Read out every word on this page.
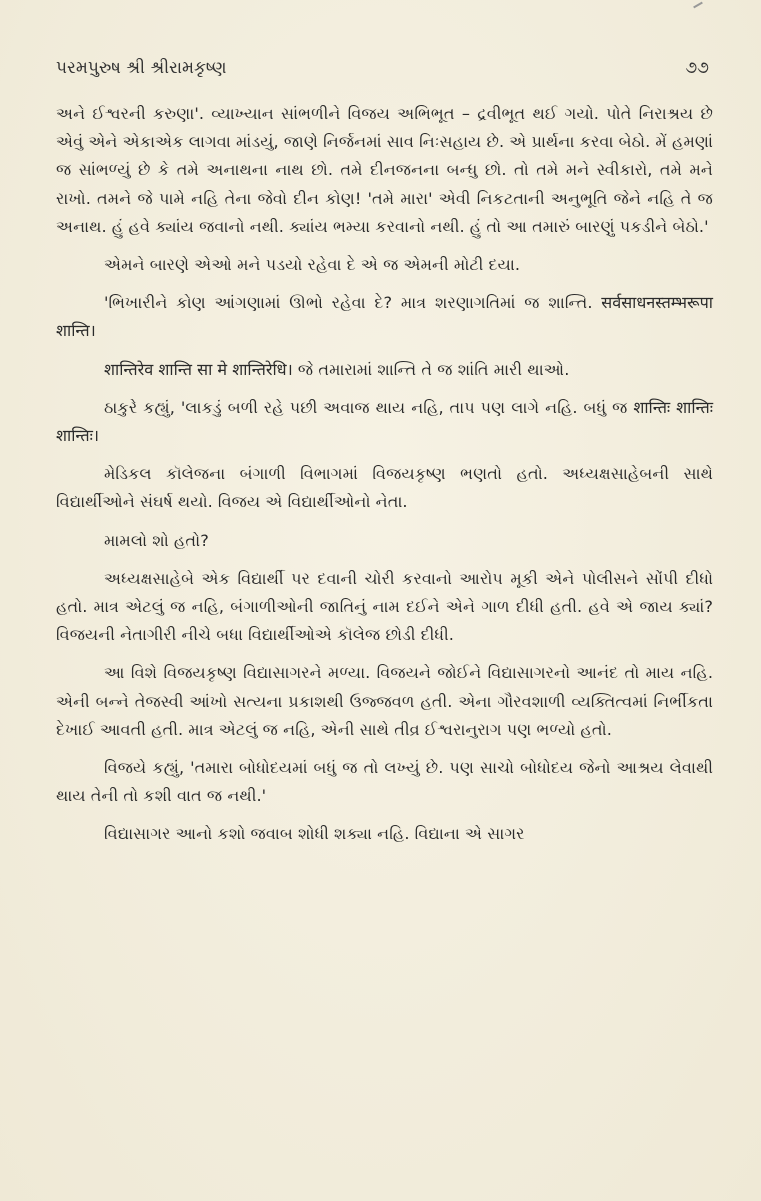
પરમપુરુષ શ્રી શ્રીરામકૃષ્ણ	૭૭

અને ઈશ્વરની કરુણા'. વ્યાખ્યાન સાંભળીને વિજય અભિભૂત – દ્રવીભૂત થઈ ગયો. પોતે નિરાશ્રય છે એવું એને એકાએક લાગવા માંડયું, જાણે નિર્જનમાં સાવ નિઃસહાય છે. એ પ્રાર્થના કરવા બેઠો. મેં હમણાં જ સાંભળ્યું છે કે તમે અનાથના નાથ છો. તમે દીનજનના બન્ધુ છો. તો તમે મને સ્વીકારો, તમે મને રાખો. તમને જે પામે નહિ તેના જેવો દીન કોણ! 'તમે મારા' એવી નિકટતાની અનુભૂતિ જેને નહિ તે જ અનાથ. હું હવે ક્યાંય જવાનો નથી. ક્યાંય ભમ્યા કરવાનો નથી. હું તો આ તમારું બારણું પકડીને બેઠો.'

એમને બારણે એઓ મને પડયો રહેવા દે એ જ એમની મોટી દયા.

'ભિખારીને કોણ આંગણામાં ઊભો રહેવા દે? માત્ર શરણાગતિમાં જ શાન્તિ. सर्वसाधनस्तम्भरूपा शान्ति।

शान्तिरेव शान्ति सा मे शान्तिरेधि। જે તમારામાં શાન્તિ તે જ શાંતિ મારી થાઓ.

ઠાકુરે કહ્યું, 'લાકડું બળી રહે પછી અવાજ થાય નહિ, તાપ પણ લાગે નહિ. બધું જ शान्तिः शान्तिः शान्तिः।

મેડિકલ કૉલેજના બંગાળી વિભાગમાં વિજયકૃષ્ણ ભણતો હતો. અધ્યક્ષસાહેબની સાથે વિદ્યાર્થીઓને સંઘર્ષ થયો. વિજય એ વિદ્યાર્થીઓનો નેતા.

મામલો શો હતો?

અધ્યક્ષસાહેબે એક વિદ્યાર્થી પર દવાની ચોરી કરવાનો આરોપ મૂકી એને પોલીસને સોંપી દીધો હતો. માત્ર એટલું જ નહિ, બંગાળીઓની જાતિનું નામ દઈને એને ગાળ દીધી હતી. હવે એ જાય ક્યાં? વિજયની નેતાગીરી નીચે બધા વિદ્યાર્થીઓએ કૉલેજ છોડી દીધી.

આ વિશે વિજયકૃષ્ણ વિદ્યાસાગરને મળ્યા. વિજયને જોઈને વિદ્યાસાગરનો આનંદ તો માય નહિ. એની બન્ને તેજસ્વી આંખો સત્યના પ્રકાશથી ઉજ્જવળ હતી. એના ગૌરવશાળી વ્યક્તિત્વમાં નિર્ભીકતા દેખાઈ આવતી હતી. માત્ર એટલું જ નહિ, એની સાથે તીવ્ર ઈશ્વરાનુરાગ પણ ભળ્યો હતો.

વિજયે કહ્યું, 'તમારા બોધોદયમાં બધું જ તો લખ્યું છે. પણ સાચો બોધોદય જેનો આશ્રય લેવાથી થાય તેની તો કશી વાત જ નથી.'

વિદ્યાસાગર આનો કશો જવાબ શોધી શક્યા નહિ. વિદ્યાના એ સાગર
